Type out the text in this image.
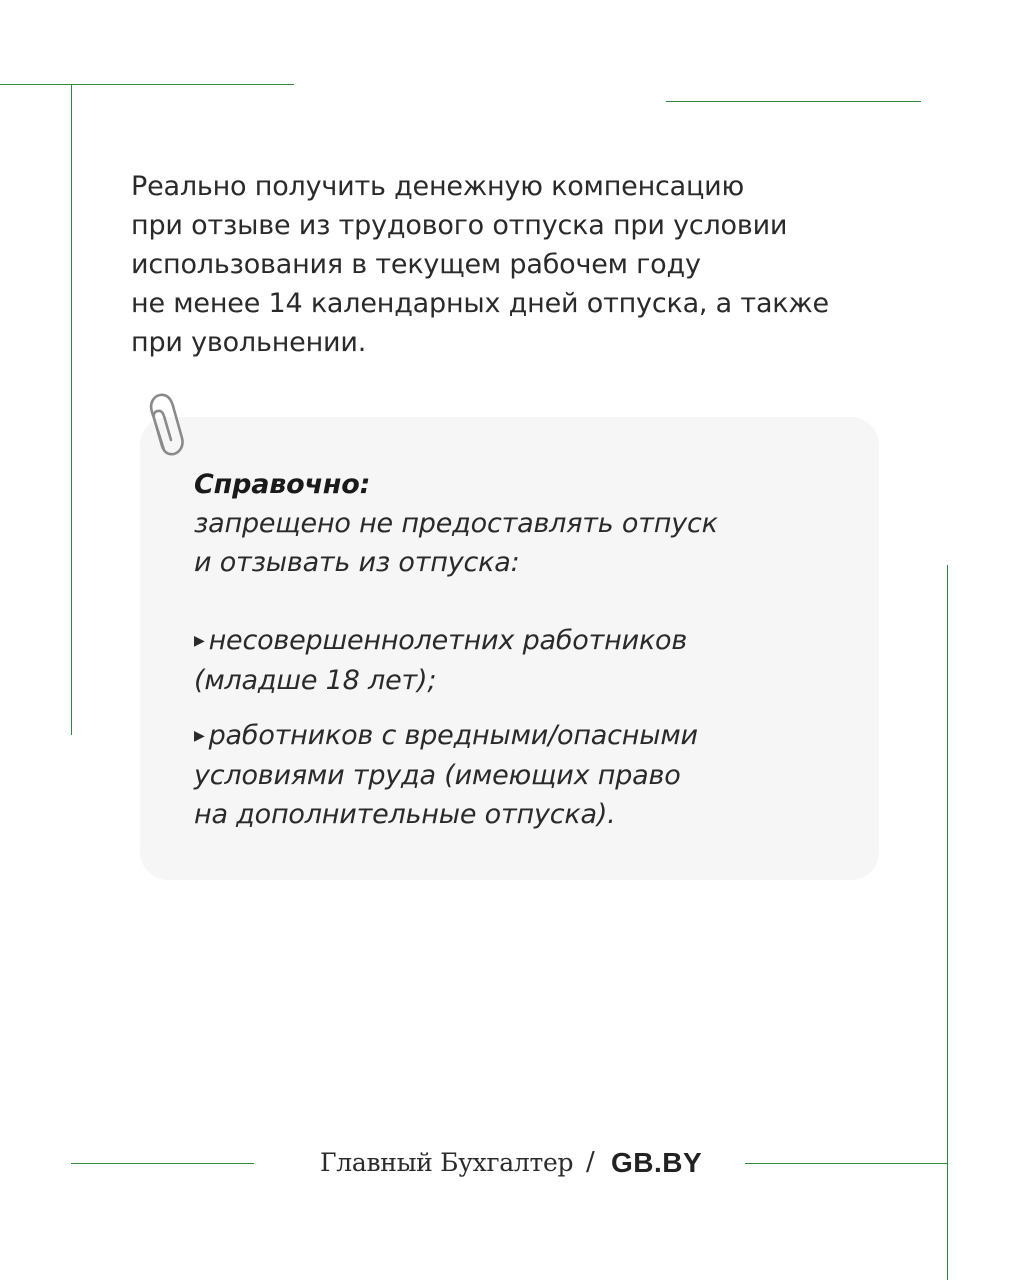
Реально получить денежную компенсацию
при отзыве из трудового отпуска при условии
использования в текущем рабочем году
не менее 14 календарных дней отпуска, а также
при увольнении.
Справочно:
запрещено не предоставлять отпуск
и отзывать из отпуска:
▶ несовершеннолетних работников
(младше 18 лет);
▶ работников с вредными/опасными
условиями труда (имеющих право
на дополнительные отпуска).
Главный Бухгалтер / GB.BY
